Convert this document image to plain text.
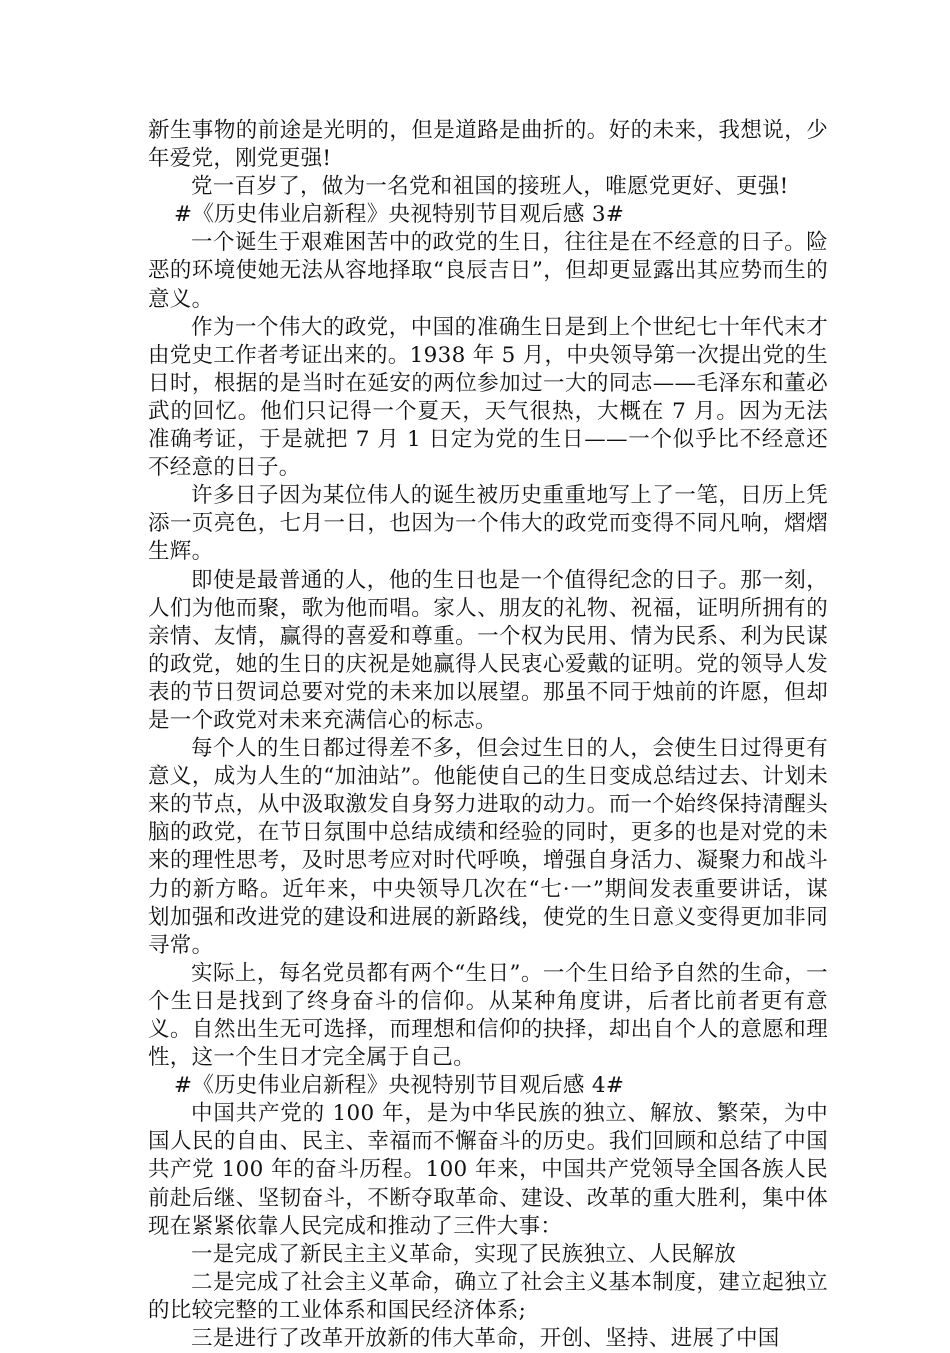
新生事物的前途是光明的，但是道路是曲折的。好的未来，我想说，少年爱党，刚党更强!

党一百岁了，做为一名党和祖国的接班人，唯愿党更好、更强!

#《历史伟业启新程》央视特别节目观后感 3#

一个诞生于艰难困苦中的政党的生日，往往是在不经意的日子。险恶的环境使她无法从容地择取“良辰吉日”，但却更显露出其应势而生的意义。

作为一个伟大的政党，中国的准确生日是到上个世纪七十年代末才由党史工作者考证出来的。1938 年 5 月，中央领导第一次提出党的生日时，根据的是当时在延安的两位参加过一大的同志——毛泽东和董必武的回忆。他们只记得一个夏天，天气很热，大概在 7 月。因为无法准确考证，于是就把 7 月 1 日定为党的生日——一个似乎比不经意还不经意的日子。

许多日子因为某位伟人的诞生被历史重重地写上了一笔，日历上凭添一页亮色，七月一日，也因为一个伟大的政党而变得不同凡响，熠熠生辉。

即使是最普通的人，他的生日也是一个值得纪念的日子。那一刻，人们为他而聚，歌为他而唱。家人、朋友的礼物、祝福，证明所拥有的亲情、友情，赢得的喜爱和尊重。一个权为民用、情为民系、利为民谋的政党，她的生日的庆祝是她赢得人民衷心爱戴的证明。党的领导人发表的节日贺词总要对党的未来加以展望。那虽不同于烛前的许愿，但却是一个政党对未来充满信心的标志。

每个人的生日都过得差不多，但会过生日的人，会使生日过得更有意义，成为人生的“加油站”。他能使自己的生日变成总结过去、计划未来的节点，从中汲取激发自身努力进取的动力。而一个始终保持清醒头脑的政党，在节日氛围中总结成绩和经验的同时，更多的也是对党的未来的理性思考，及时思考应对时代呼唤，增强自身活力、凝聚力和战斗力的新方略。近年来，中央领导几次在“七·一”期间发表重要讲话，谋划加强和改进党的建设和进展的新路线，使党的生日意义变得更加非同寻常。

实际上，每名党员都有两个“生日”。一个生日给予自然的生命，一个生日是找到了终身奋斗的信仰。从某种角度讲，后者比前者更有意义。自然出生无可选择，而理想和信仰的抉择，却出自个人的意愿和理性，这一个生日才完全属于自己。

#《历史伟业启新程》央视特别节目观后感 4#

中国共产党的 100 年，是为中华民族的独立、解放、繁荣，为中国人民的自由、民主、幸福而不懈奋斗的历史。我们回顾和总结了中国共产党 100 年的奋斗历程。100 年来，中国共产党领导全国各族人民前赴后继、坚韧奋斗，不断夺取革命、建设、改革的重大胜利，集中体现在紧紧依靠人民完成和推动了三件大事：

一是完成了新民主主义革命，实现了民族独立、人民解放

二是完成了社会主义革命，确立了社会主义基本制度，建立起独立的比较完整的工业体系和国民经济体系;

三是进行了改革开放新的伟大革命，开创、坚持、进展了中国
